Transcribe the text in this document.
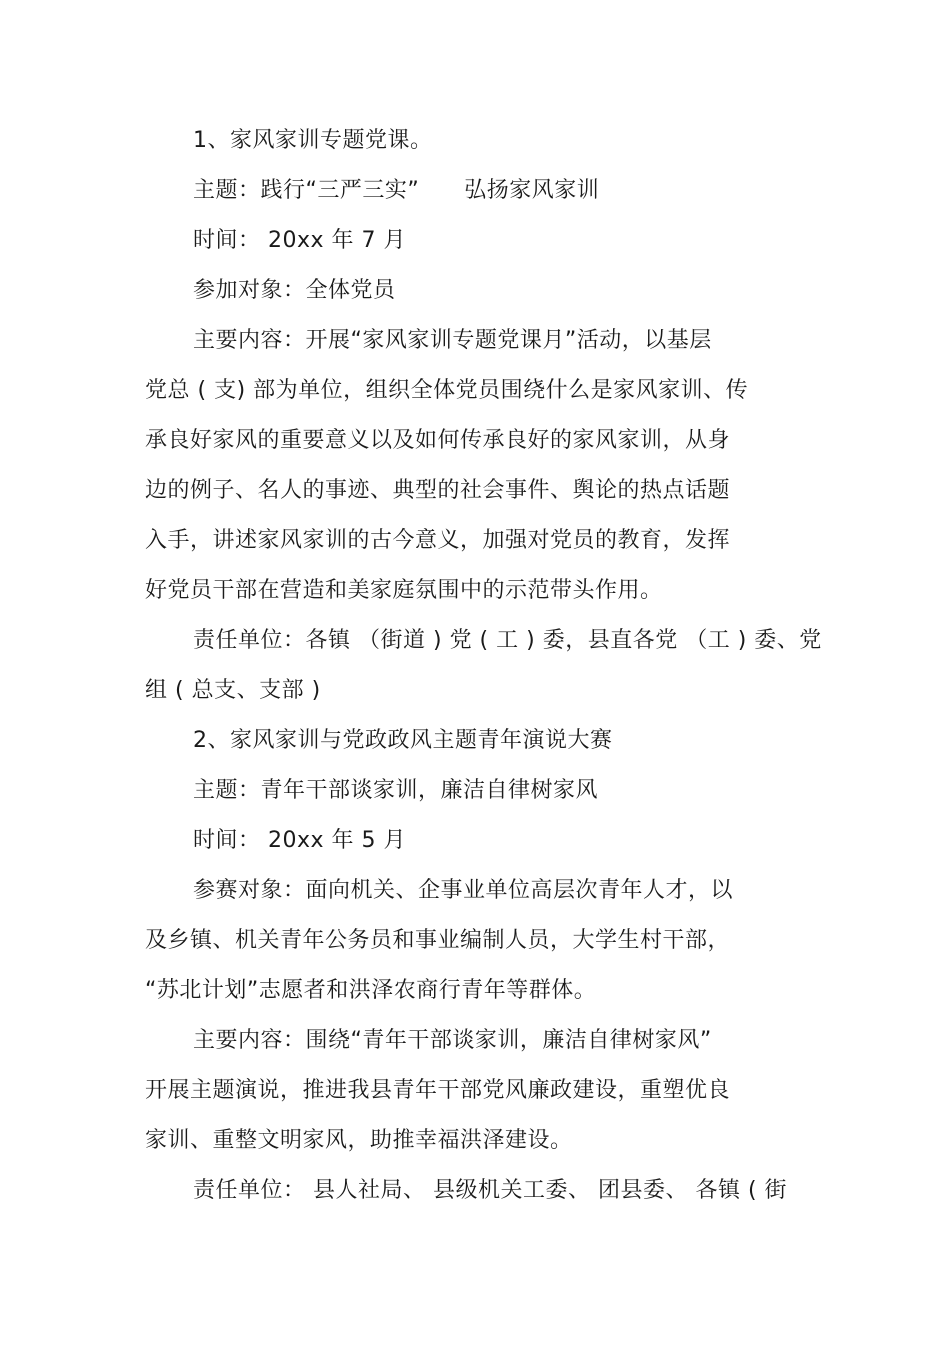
1、家风家训专题党课。
主题：践行“三严三实”　　弘扬家风家训
时间： 20xx 年 7 月
参加对象：全体党员
主要内容：开展“家风家训专题党课月”活动，以基层
党总 ( 支) 部为单位，组织全体党员围绕什么是家风家训、传
承良好家风的重要意义以及如何传承良好的家风家训，从身
边的例子、名人的事迹、典型的社会事件、舆论的热点话题
入手，讲述家风家训的古今意义，加强对党员的教育，发挥
好党员干部在营造和美家庭氛围中的示范带头作用。
责任单位：各镇 （街道 ) 党 ( 工 ) 委，县直各党 （工 ) 委、党
组 ( 总支、支部 )
2、家风家训与党政政风主题青年演说大赛
主题：青年干部谈家训，廉洁自律树家风
时间： 20xx 年 5 月
参赛对象：面向机关、企事业单位高层次青年人才，以
及乡镇、机关青年公务员和事业编制人员，大学生村干部，
“苏北计划”志愿者和洪泽农商行青年等群体。
主要内容：围绕“青年干部谈家训，廉洁自律树家风”
开展主题演说，推进我县青年干部党风廉政建设，重塑优良
家训、重整文明家风，助推幸福洪泽建设。
责任单位： 县人社局、 县级机关工委、 团县委、 各镇 ( 街
